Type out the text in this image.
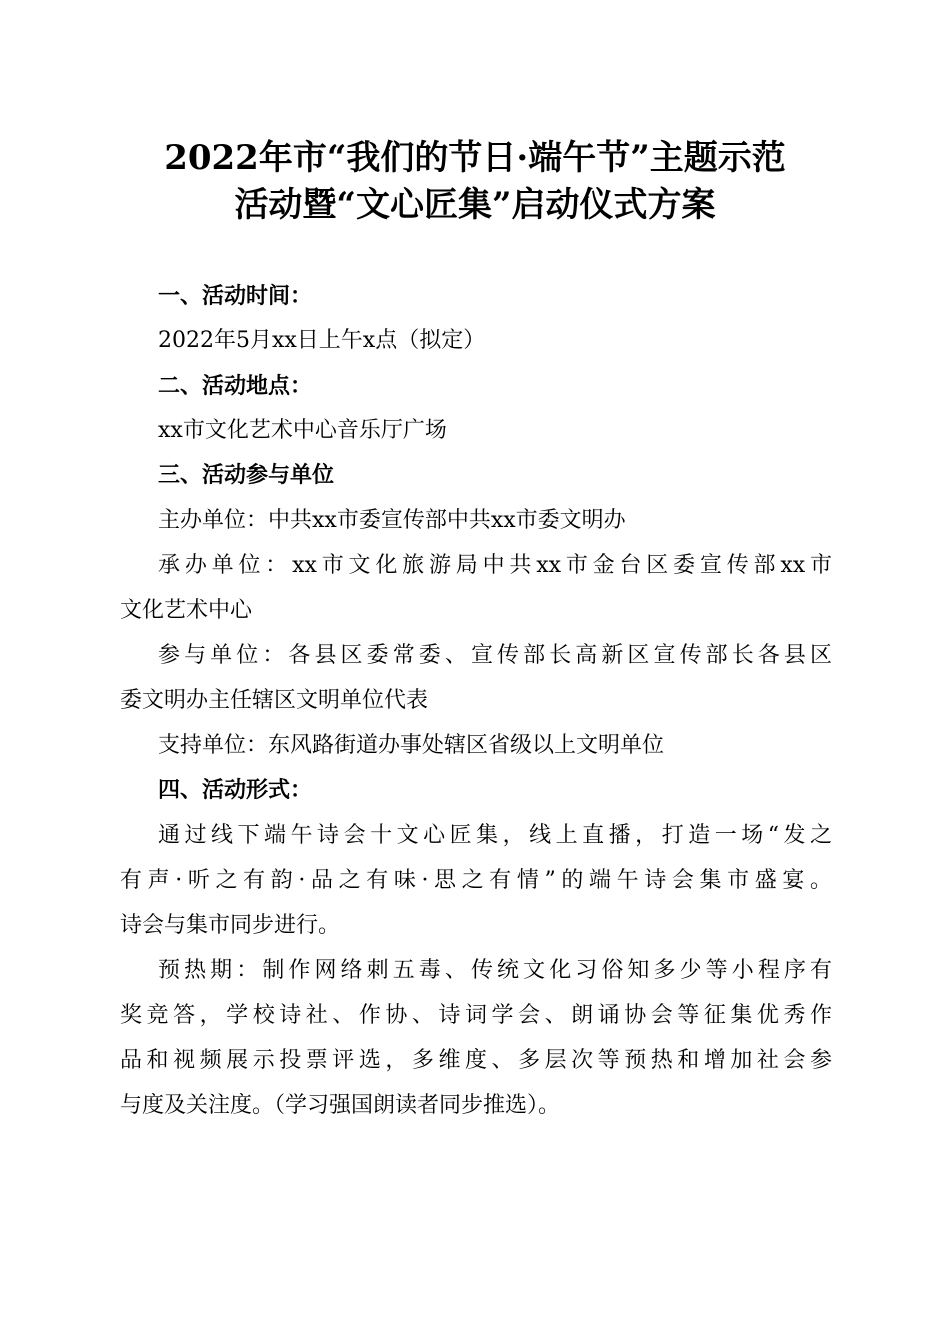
2022年市“我们的节日·端午节”主题示范
活动暨“文心匠集”启动仪式方案
一、活动时间：
2022年5月xx日上午x点（拟定）
二、活动地点：
xx市文化艺术中心音乐厅广场
三、活动参与单位
主办单位：中共xx市委宣传部中共xx市委文明办
承办单位：xx市文化旅游局中共xx市金台区委宣传部xx市
文化艺术中心
参与单位：各县区委常委、宣传部长高新区宣传部长各县区
委文明办主任辖区文明单位代表
支持单位：东风路街道办事处辖区省级以上文明单位
四、活动形式：
通过线下端午诗会十文心匠集，线上直播，打造一场“发之
有声·听之有韵·品之有味·思之有情”的端午诗会集市盛宴。
诗会与集市同步进行。
预热期：制作网络刺五毒、传统文化习俗知多少等小程序有
奖竞答，学校诗社、作协、诗词学会、朗诵协会等征集优秀作
品和视频展示投票评选，多维度、多层次等预热和增加社会参
与度及关注度。（学习强国朗读者同步推选）。
